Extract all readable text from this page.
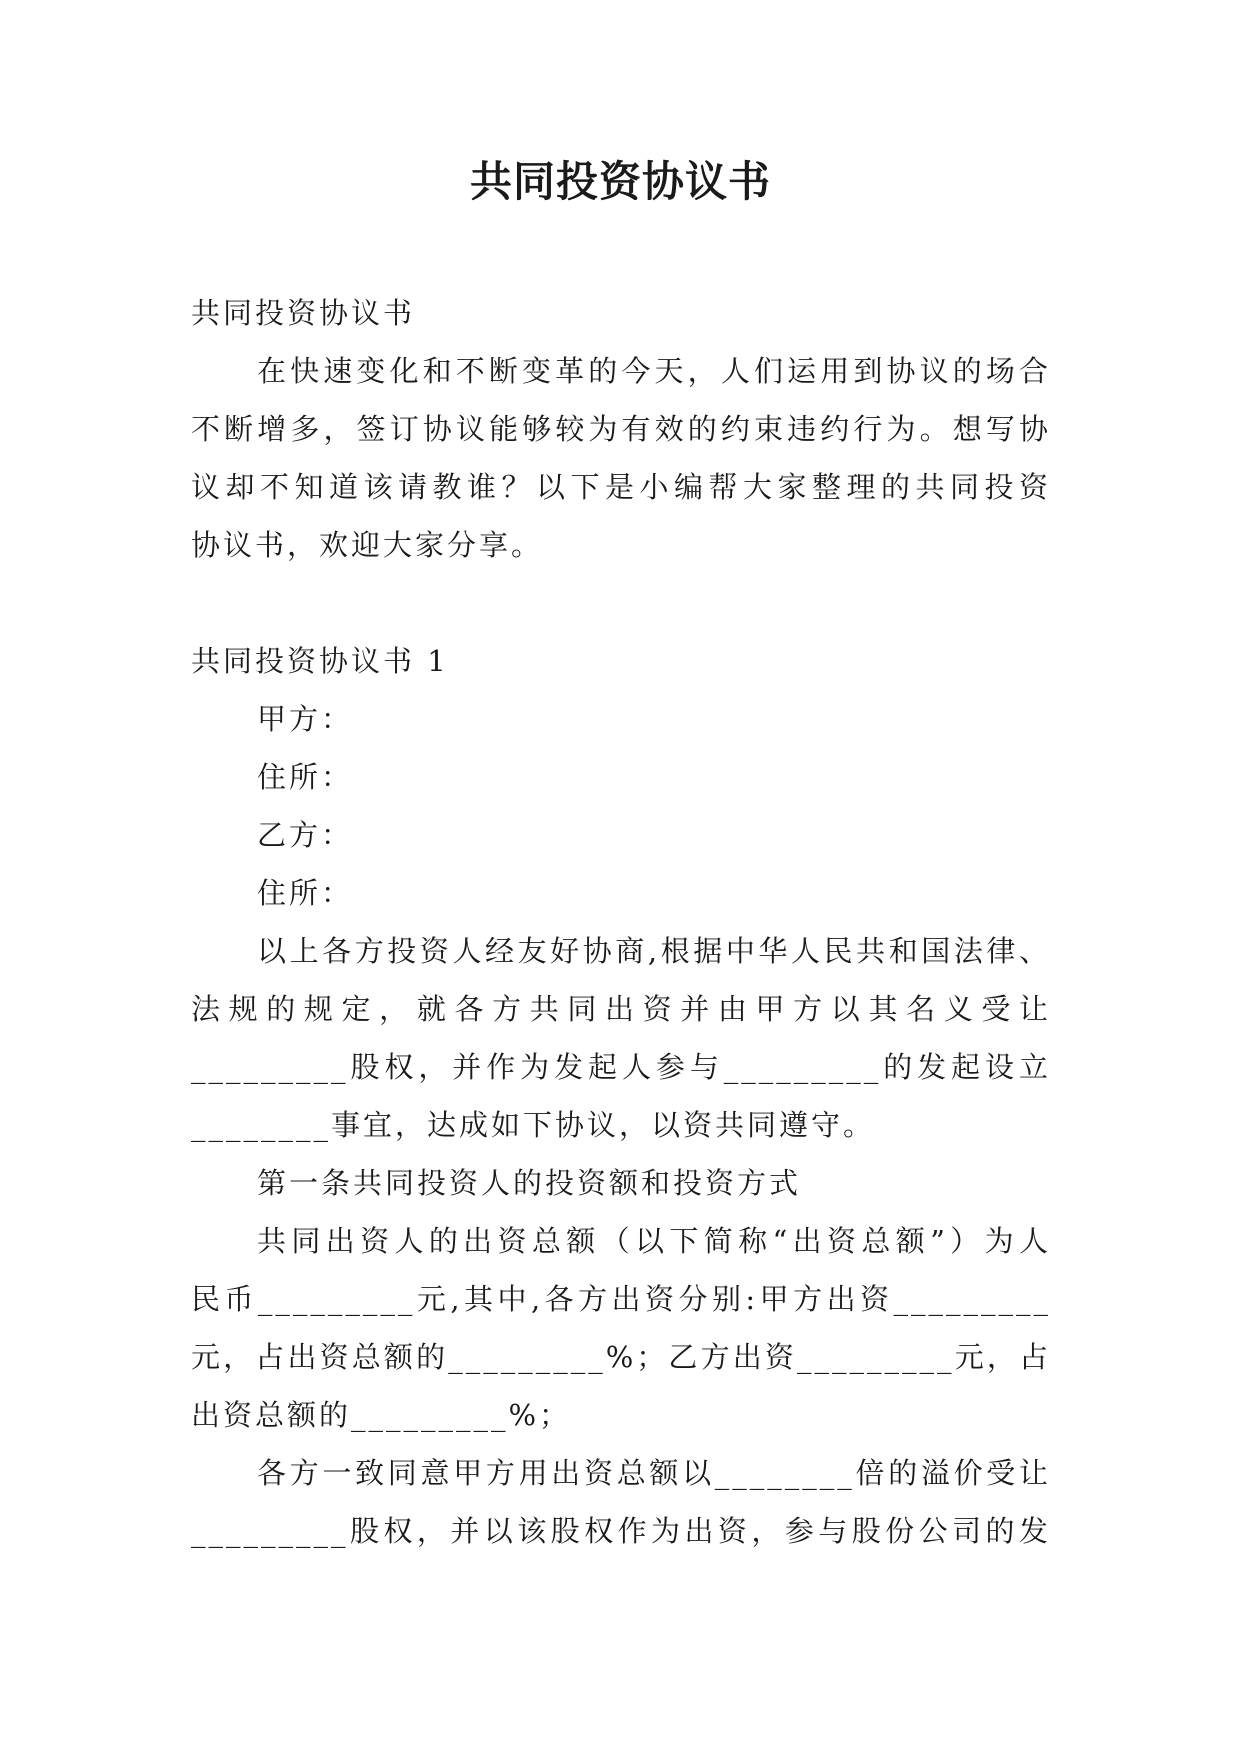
共同投资协议书
共同投资协议书
在快速变化和不断变革的今天，人们运用到协议的场合
不断增多，签订协议能够较为有效的约束违约行为。想写协
议却不知道该请教谁？以下是小编帮大家整理的共同投资
协议书，欢迎大家分享。
共同投资协议书 1
甲方：
住所：
乙方：
住所：
以上各方投资人经友好协商,根据中华人民共和国法律、
法规的规定，就各方共同出资并由甲方以其名义受让
_________股权，并作为发起人参与_________的发起设立
________事宜，达成如下协议，以资共同遵守。
第一条共同投资人的投资额和投资方式
共同出资人的出资总额（以下简称“出资总额”）为人
民币_________元,其中,各方出资分别:甲方出资_________
元，占出资总额的_________%；乙方出资_________元，占
出资总额的_________%；
各方一致同意甲方用出资总额以________倍的溢价受让
_________股权，并以该股权作为出资，参与股份公司的发
